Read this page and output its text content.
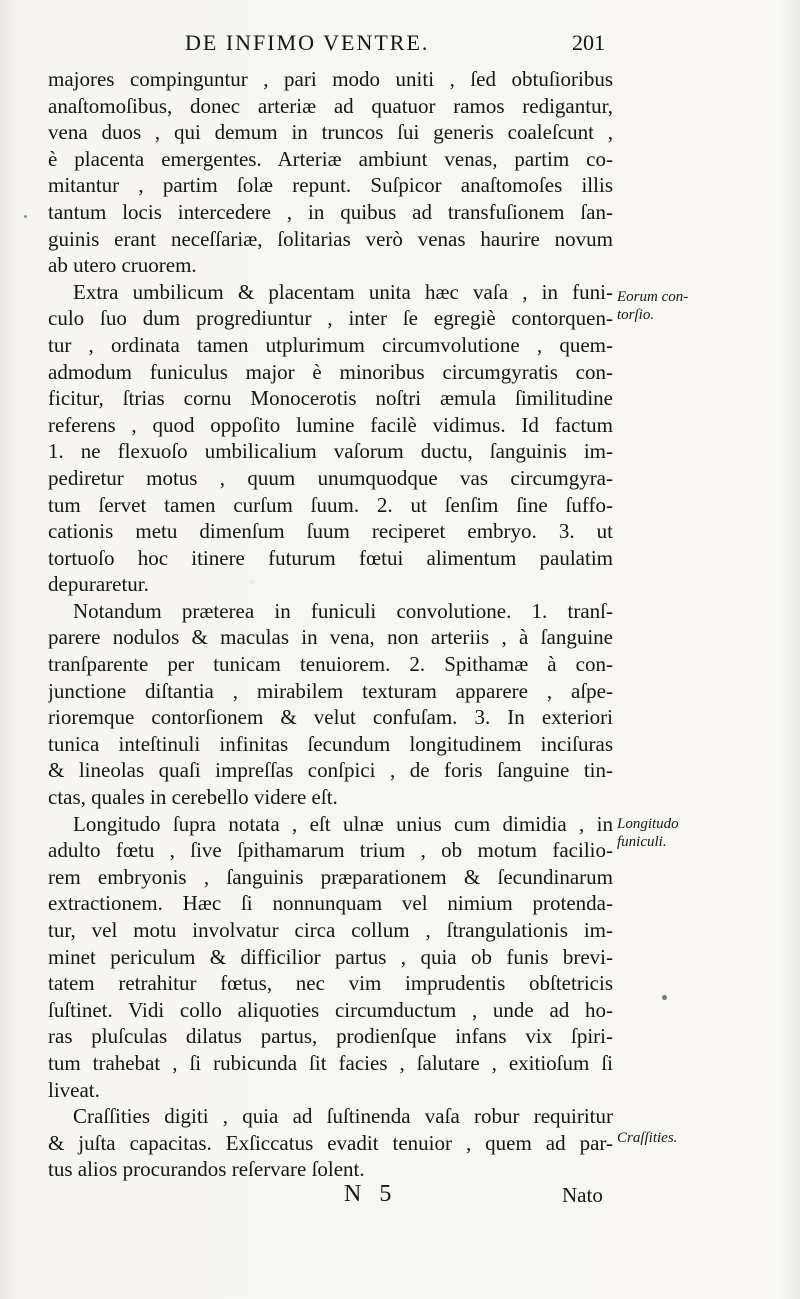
DE INFIMO VENTRE.	201
majores compinguntur , pari modo uniti , ſed obtuſioribus
anaſtomoſibus, donec arteriæ ad quatuor ramos redigantur,
vena duos , qui demum in truncos ſui generis coaleſcunt ,
è placenta emergentes. Arteriæ ambiunt venas, partim co-
mitantur , partim ſolæ repunt. Suſpicor anaſtomoſes illis
tantum locis intercedere , in quibus ad transfuſionem ſan-
guinis erant neceſſariæ, ſolitarias verò venas haurire novum
ab utero cruorem.
Extra umbilicum & placentam unita hæc vaſa , in funi-
culo ſuo dum progrediuntur , inter ſe egregiè contorquen-
tur , ordinata tamen utplurimum circumvolutione , quem-
admodum funiculus major è minoribus circumgyratis con-
ficitur, ſtrias cornu Monocerotis noſtri æmula ſimilitudine
referens , quod oppoſito lumine facilè vidimus. Id factum
1. ne flexuoſo umbilicalium vaſorum ductu, ſanguinis im-
pediretur motus , quum unumquodque vas circumgyra-
tum ſervet tamen curſum ſuum. 2. ut ſenſim ſine ſuffo-
cationis metu dimenſum ſuum reciperet embryo. 3. ut
tortuoſo hoc itinere futurum fœtui alimentum paulatim
depuraretur.
Notandum præterea in funiculi convolutione. 1. tranſ-
parere nodulos & maculas in vena, non arteriis , à ſanguine
tranſparente per tunicam tenuiorem. 2. Spithamæ à con-
junctione diſtantia , mirabilem texturam apparere , aſpe-
rioremque contorſionem & velut confuſam. 3. In exteriori
tunica inteſtinuli infinitas ſecundum longitudinem inciſuras
& lineolas quaſi impreſſas conſpici , de foris ſanguine tin-
ctas, quales in cerebello videre eſt.
Longitudo ſupra notata , eſt ulnæ unius cum dimidia , in
adulto fœtu , ſive ſpithamarum trium , ob motum facilio-
rem embryonis , ſanguinis præparationem & ſecundinarum
extractionem. Hæc ſi nonnunquam vel nimium protenda-
tur, vel motu involvatur circa collum , ſtrangulationis im-
minet periculum & difficilior partus , quia ob funis brevi-
tatem retrahitur fœtus, nec vim imprudentis obſtetricis
ſuſtinet. Vidi collo aliquoties circumductum , unde ad ho-
ras pluſculas dilatus partus, prodienſque infans vix ſpiri-
tum trahebat , ſi rubicunda ſit facies , ſalutare , exitioſum ſi
liveat.
Craſſities digiti , quia ad ſuſtinenda vaſa robur requiritur
& juſta capacitas. Exſiccatus evadit tenuior , quem ad par-
tus alios procurandos reſervare ſolent.
Eorum con-
torſio.
Longitudo
funiculi.
Craſſities.
N 5	Nato
